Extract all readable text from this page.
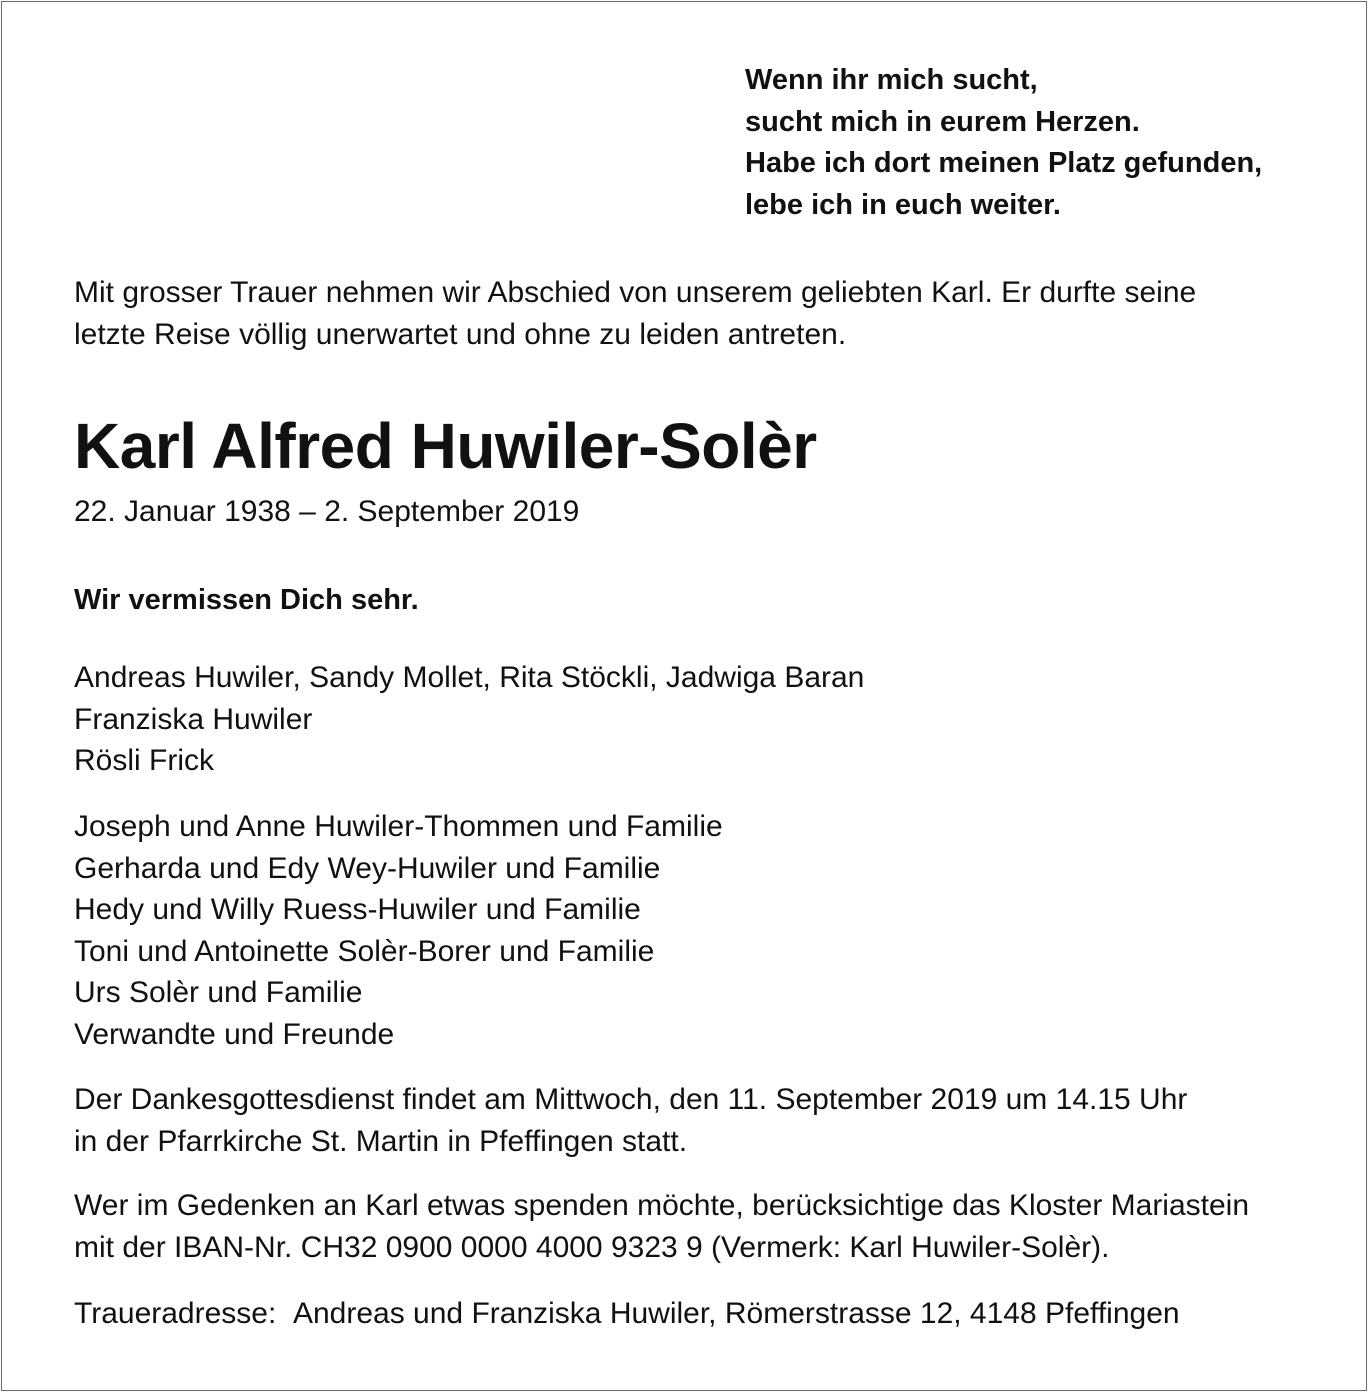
Wenn ihr mich sucht,
sucht mich in eurem Herzen.
Habe ich dort meinen Platz gefunden,
lebe ich in euch weiter.
Mit grosser Trauer nehmen wir Abschied von unserem geliebten Karl. Er durfte seine
letzte Reise völlig unerwartet und ohne zu leiden antreten.
Karl Alfred Huwiler-Solèr
22. Januar 1938 – 2. September 2019
Wir vermissen Dich sehr.
Andreas Huwiler, Sandy Mollet, Rita Stöckli, Jadwiga Baran
Franziska Huwiler
Rösli Frick
Joseph und Anne Huwiler-Thommen und Familie
Gerharda und Edy Wey-Huwiler und Familie
Hedy und Willy Ruess-Huwiler und Familie
Toni und Antoinette Solèr-Borer und Familie
Urs Solèr und Familie
Verwandte und Freunde
Der Dankesgottesdienst findet am Mittwoch, den 11. September 2019 um 14.15 Uhr
in der Pfarrkirche St. Martin in Pfeffingen statt.
Wer im Gedenken an Karl etwas spenden möchte, berücksichtige das Kloster Mariastein
mit der IBAN-Nr. CH32 0900 0000 4000 9323 9 (Vermerk: Karl Huwiler-Solèr).
Traueradresse: Andreas und Franziska Huwiler, Römerstrasse 12, 4148 Pfeffingen
